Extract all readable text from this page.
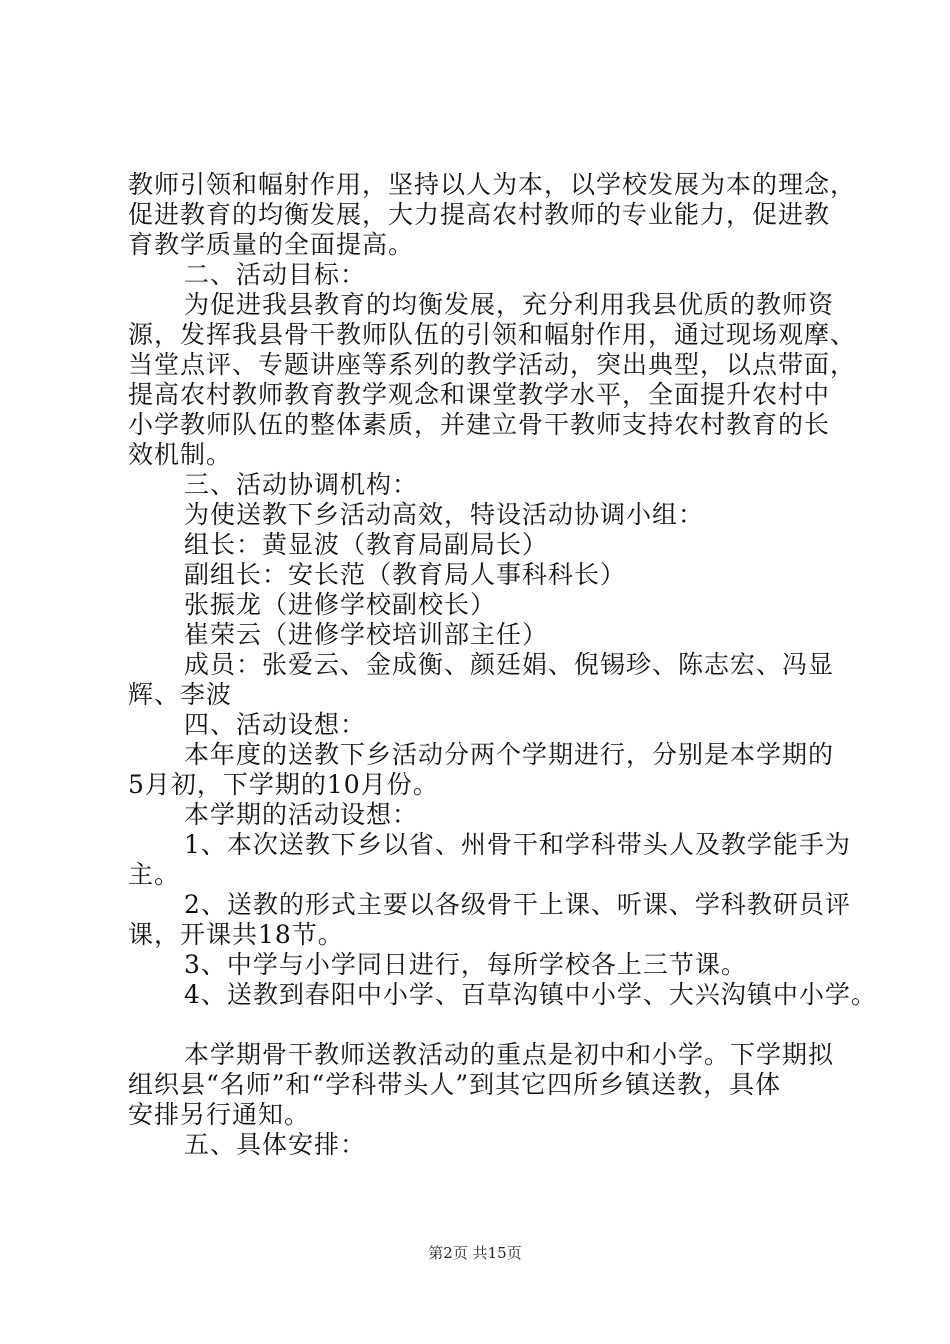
教师引领和幅射作用，坚持以人为本，以学校发展为本的理念，
促进教育的均衡发展，大力提高农村教师的专业能力，促进教
育教学质量的全面提高。
二、活动目标：
为促进我县教育的均衡发展，充分利用我县优质的教师资
源，发挥我县骨干教师队伍的引领和幅射作用，通过现场观摩、
当堂点评、专题讲座等系列的教学活动，突出典型，以点带面，
提高农村教师教育教学观念和课堂教学水平，全面提升农村中
小学教师队伍的整体素质，并建立骨干教师支持农村教育的长
效机制。
三、活动协调机构：
为使送教下乡活动高效，特设活动协调小组：
组长：黄显波（教育局副局长）
副组长：安长范（教育局人事科科长）
张振龙（进修学校副校长）
崔荣云（进修学校培训部主任）
成员：张爱云、金成衡、颜廷娟、倪锡珍、陈志宏、冯显
辉、李波
四、活动设想：
本年度的送教下乡活动分两个学期进行，分别是本学期的
5月初，下学期的10月份。
本学期的活动设想：
1、本次送教下乡以省、州骨干和学科带头人及教学能手为
主。
2、送教的形式主要以各级骨干上课、听课、学科教研员评
课，开课共18节。
3、中学与小学同日进行，每所学校各上三节课。
4、送教到春阳中小学、百草沟镇中小学、大兴沟镇中小学。
本学期骨干教师送教活动的重点是初中和小学。下学期拟
组织县“名师”和“学科带头人”到其它四所乡镇送教，具体
安排另行通知。
五、具体安排：
第2页 共15页
